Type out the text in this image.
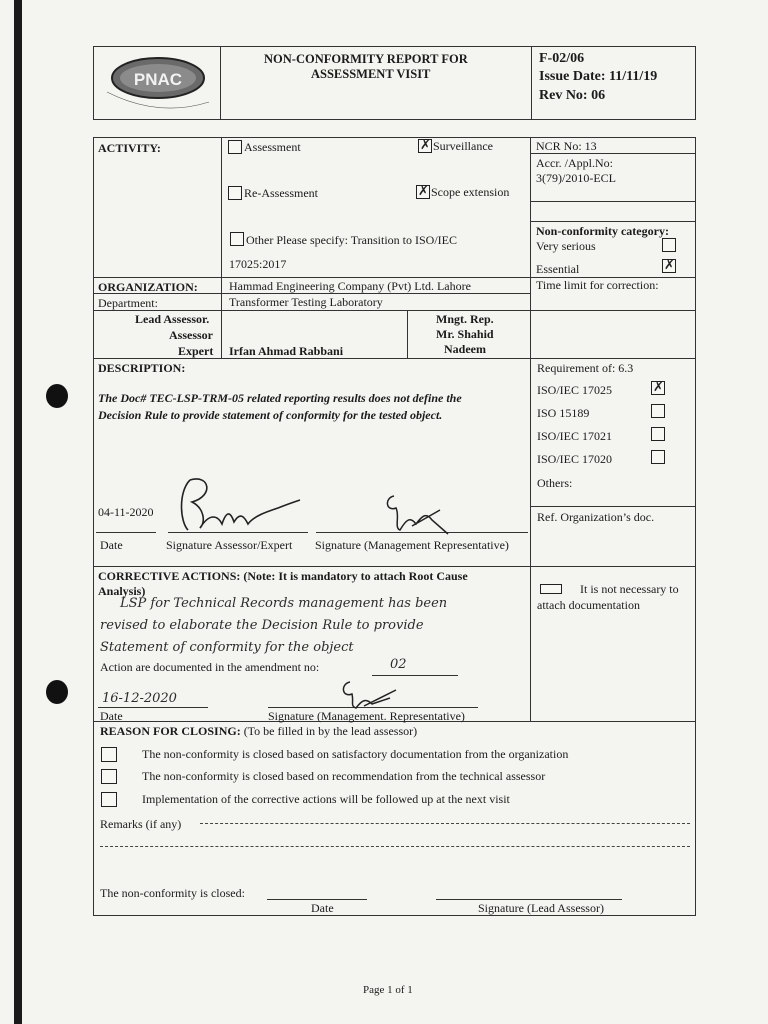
PNAC
NON-CONFORMITY REPORT FOR
ASSESSMENT VISIT
F-02/06
Issue Date: 11/11/19
Rev No: 06
ACTIVITY:	Assessment ✗	Surveillance
Re-Assessment ✗	Scope extension
Other Please specify: Transition to ISO/IEC
17025:2017
NCR No: 13
Accr. /Appl.No:
3(79)/2010-ECL
Non-conformity category:
Very serious
Essential
✗
Time limit for correction:
ORGANIZATION:	Hammad Engineering Company (Pvt) Ltd. Lahore
Department:	Transformer Testing Laboratory
Lead Assessor.
Assessor
Expert Irfan Ahmad Rabbani
Mngt. Rep.
Mr. Shahid
Nadeem
DESCRIPTION:
The Doc# TEC-LSP-TRM-05 related reporting results does not define the
Decision Rule to provide statement of conformity for the tested object.
04-11-2020
Date	Signature Assessor/Expert Signature (Management Representative)
Requirement of: 6.3
ISO/IEC 17025
✗
ISO 15189
ISO/IEC 17021
ISO/IEC 17020
Others:
Ref. Organization’s doc.
CORRECTIVE ACTIONS: (Note: It is mandatory to attach Root Cause
Analysis)
LSP for Technical Records management has been
revised to elaborate the Decision Rule to provide
Statement of conformity for the object
Action are documented in the amendment no:	02
16-12-2020
Date	Signature (Management. Representative)
It is not necessary to
attach documentation
REASON FOR CLOSING: (To be filled in by the lead assessor)
The non-conformity is closed based on satisfactory documentation from the organization
The non-conformity is closed based on recommendation from the technical assessor
Implementation of the corrective actions will be followed up at the next visit
Remarks (if any)
The non-conformity is closed:
Date	Signature (Lead Assessor)
Page 1 of 1
